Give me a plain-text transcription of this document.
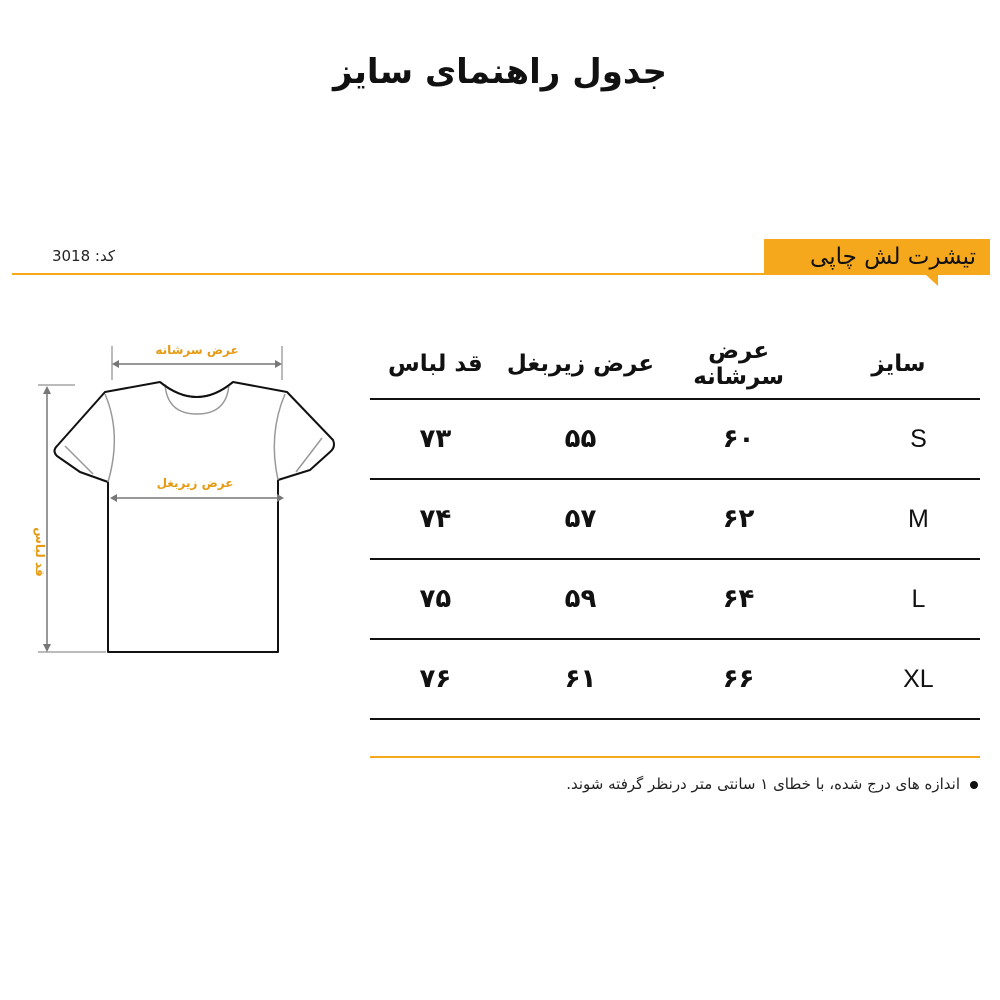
جدول راهنمای سایز
تیشرت لش چاپی
کد: 3018
عرض سرشانه
عرض زیربغل
قد لباس
قد لباس	عرض زیربغل	عرض سرشانه	سایز
۷۳	۵۵	۶۰	S
۷۴	۵۷	۶۲	M
۷۵	۵۹	۶۴	L
۷۶	۶۱	۶۶	XL
اندازه های درج شده، با خطای ۱ سانتی متر درنظر گرفته شوند.
